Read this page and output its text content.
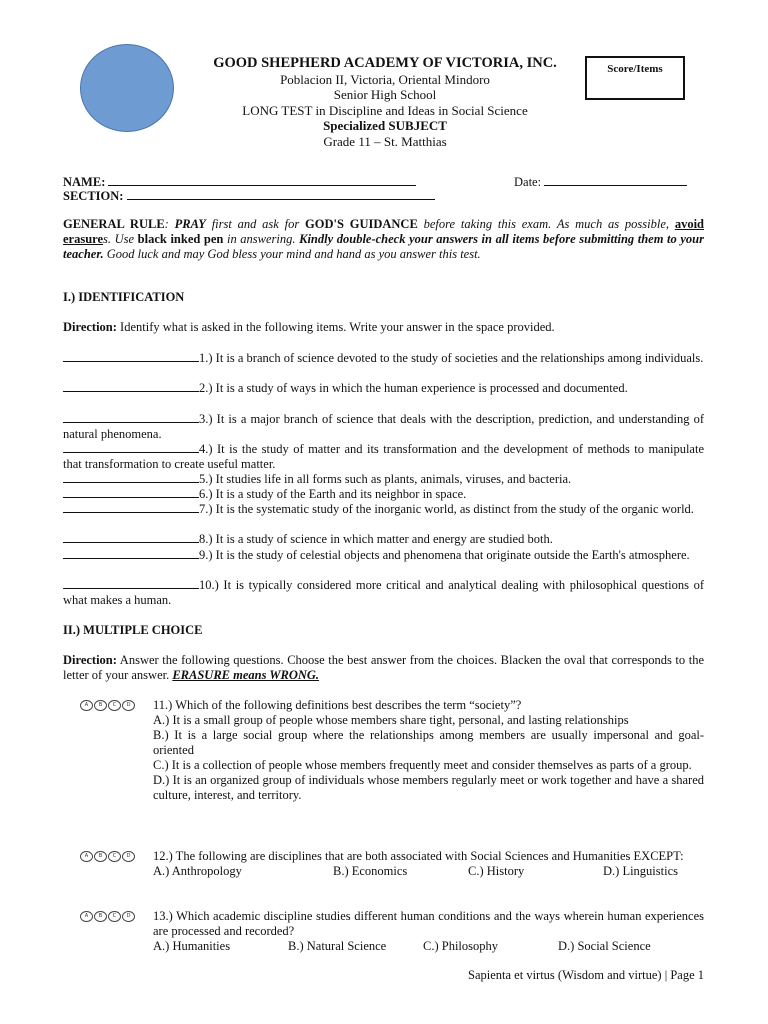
GOOD SHEPHERD ACADEMY OF VICTORIA, INC.
Poblacion II, Victoria, Oriental Mindoro
Senior High School
LONG TEST in Discipline and Ideas in Social Science
Specialized SUBJECT
Grade 11 – St. Matthias
Score/Items
NAME:
SECTION:
Date:
GENERAL RULE: PRAY first and ask for GOD'S GUIDANCE before taking this exam. As much as possible, avoid erasures. Use black inked pen in answering. Kindly double-check your answers in all items before submitting them to your teacher. Good luck and may God bless your mind and hand as you answer this test.
I.) IDENTIFICATION
Direction: Identify what is asked in the following items. Write your answer in the space provided.
1.) It is a branch of science devoted to the study of societies and the relationships among individuals.
2.) It is a study of ways in which the human experience is processed and documented.
3.) It is a major branch of science that deals with the description, prediction, and understanding of natural phenomena.
4.) It is the study of matter and its transformation and the development of methods to manipulate that transformation to create useful matter.
5.) It studies life in all forms such as plants, animals, viruses, and bacteria.
6.) It is a study of the Earth and its neighbor in space.
7.) It is the systematic study of the inorganic world, as distinct from the study of the organic world.
8.) It is a study of science in which matter and energy are studied both.
9.) It is the study of celestial objects and phenomena that originate outside the Earth's atmosphere.
10.) It is typically considered more critical and analytical dealing with philosophical questions of what makes a human.
II.) MULTIPLE CHOICE
Direction: Answer the following questions. Choose the best answer from the choices. Blacken the oval that corresponds to the letter of your answer. ERASURE means WRONG.
A	B	C	D	11.) Which of the following definitions best describes the term “society”?
A.) It is a small group of people whose members share tight, personal, and lasting relationships
B.) It is a large social group where the relationships among members are usually impersonal and goal-oriented
C.) It is a collection of people whose members frequently meet and consider themselves as parts of a group.
D.) It is an organized group of individuals whose members regularly meet or work together and have a shared culture, interest, and territory.
A	B	C	D	12.) The following are disciplines that are both associated with Social Sciences and Humanities EXCEPT:
A.) Anthropology	B.) Economics	C.) History	D.) Linguistics
A	B	C	D	13.) Which academic discipline studies different human conditions and the ways wherein human experiences are processed and recorded?
A.) Humanities	B.) Natural Science	C.) Philosophy	D.) Social Science
Sapienta et virtus (Wisdom and virtue) | Page 1
